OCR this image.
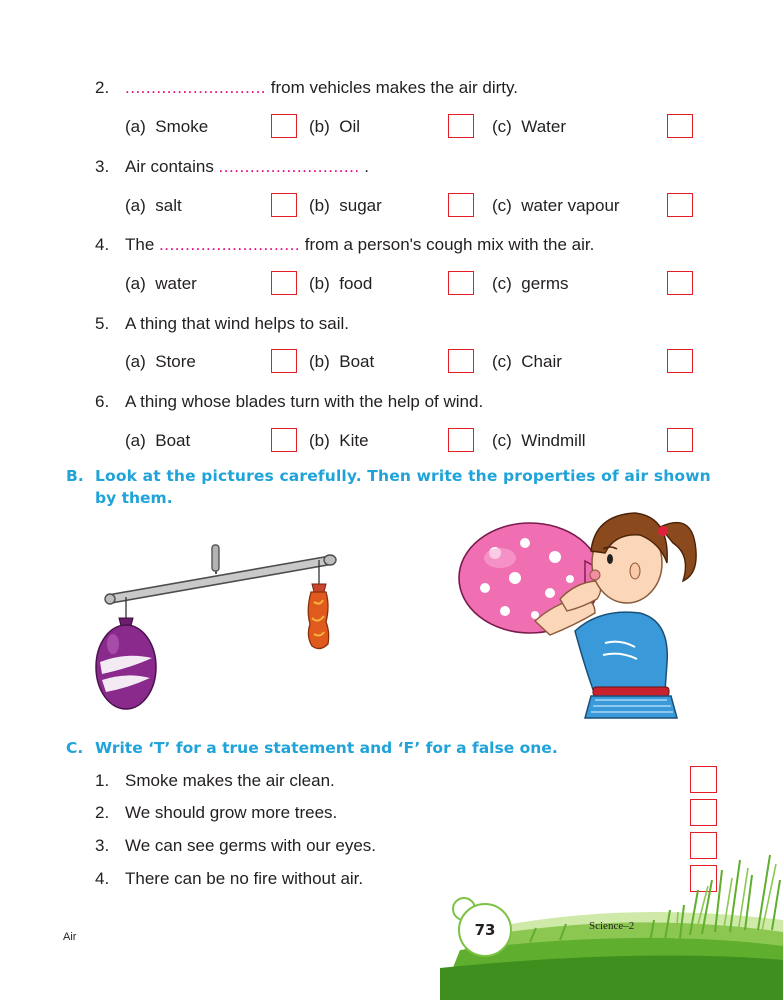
2. ........................... from vehicles makes the air dirty.
(a) Smoke	(b) Oil	(c) Water
3. Air contains ........................... .
(a) salt	(b) sugar	(c) water vapour
4. The ........................... from a person's cough mix with the air.
(a) water	(b) food	(c) germs
5. A thing that wind helps to sail.
(a) Store	(b) Boat	(c) Chair
6. A thing whose blades turn with the help of wind.
(a) Boat	(b) Kite	(c) Windmill
B. Look at the pictures carefully. Then write the properties of air shown
by them.
C. Write ‘T’ for a true statement and ‘F’ for a false one.
1. Smoke makes the air clean.
2. We should grow more trees.
3. We can see germs with our eyes.
4. There can be no fire without air.
Air	73	Science–2
